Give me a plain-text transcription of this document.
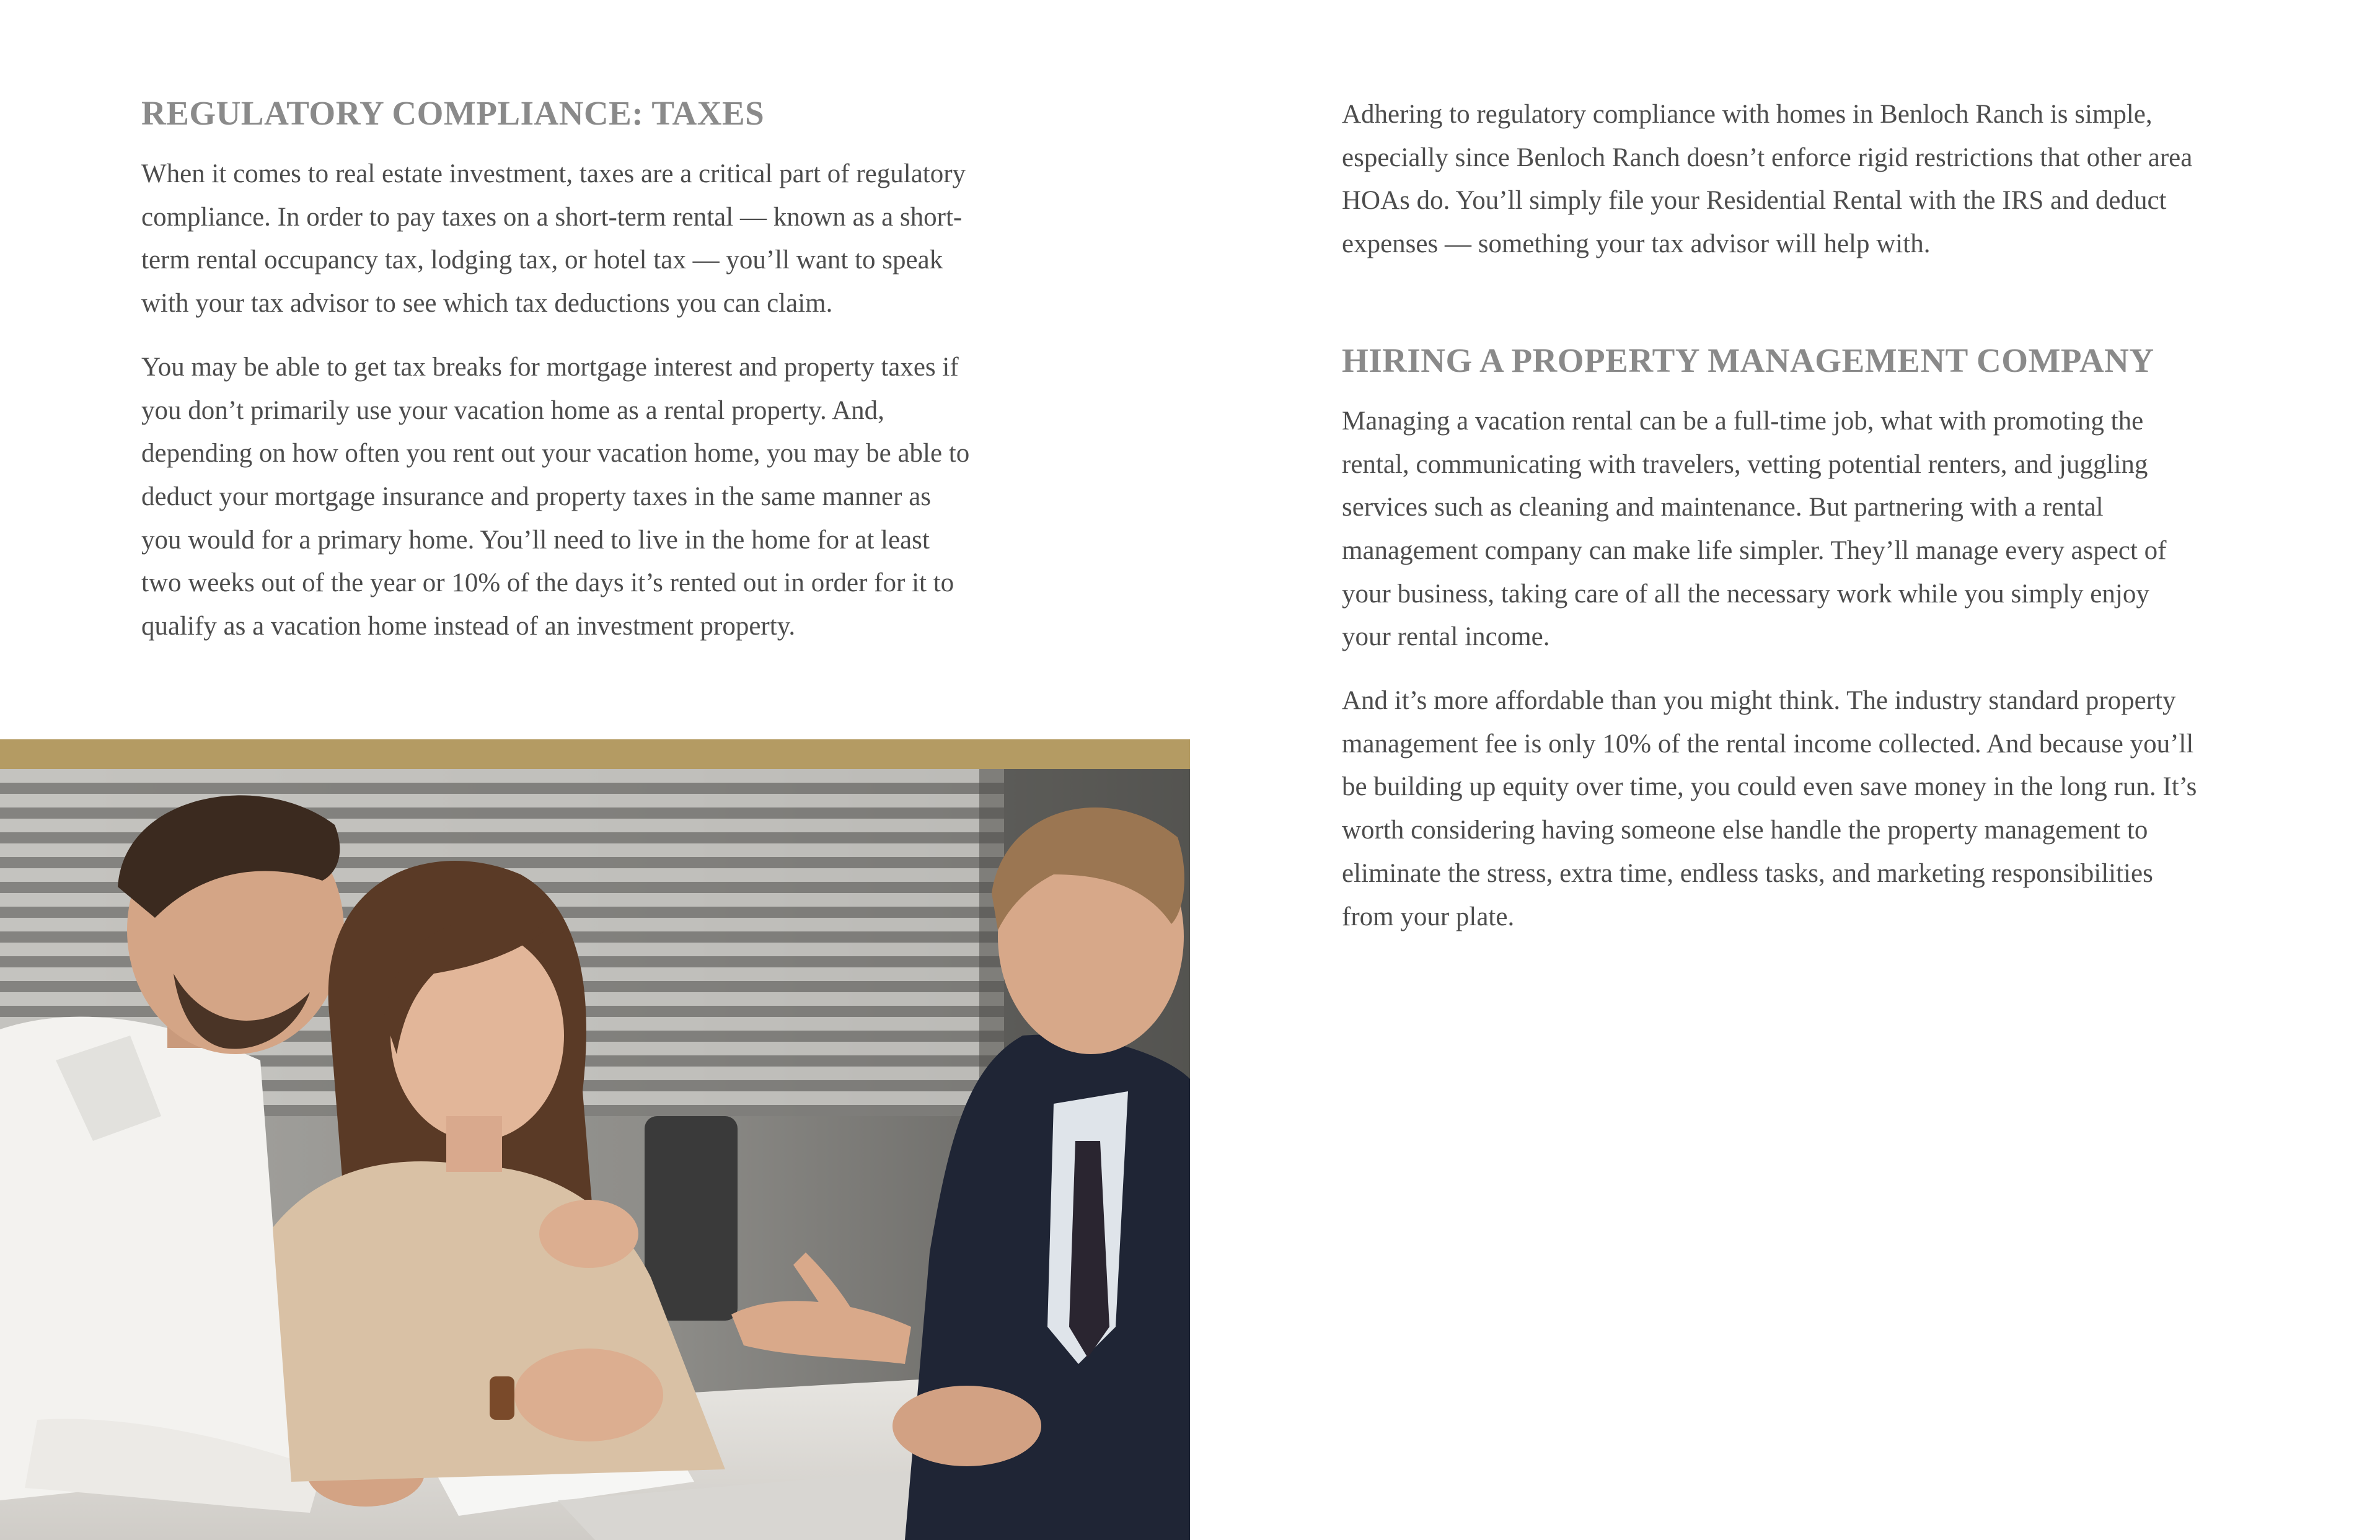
REGULATORY COMPLIANCE: TAXES

When it comes to real estate investment, taxes are a critical part of regulatory compliance. In order to pay taxes on a short-term rental — known as a short-term rental occupancy tax, lodging tax, or hotel tax — you’ll want to speak with your tax advisor to see which tax deductions you can claim.

You may be able to get tax breaks for mortgage interest and property taxes if you don’t primarily use your vacation home as a rental property. And, depending on how often you rent out your vacation home, you may be able to deduct your mortgage insurance and property taxes in the same manner as you would for a primary home. You’ll need to live in the home for at least two weeks out of the year or 10% of the days it’s rented out in order for it to qualify as a vacation home instead of an investment property.

Adhering to regulatory compliance with homes in Benloch Ranch is simple, especially since Benloch Ranch doesn’t enforce rigid restrictions that other area HOAs do. You’ll simply file your Residential Rental with the IRS and deduct expenses — something your tax advisor will help with.

HIRING A PROPERTY MANAGEMENT COMPANY

Managing a vacation rental can be a full-time job, what with promoting the rental, communicating with travelers, vetting potential renters, and juggling services such as cleaning and maintenance. But partnering with a rental management company can make life simpler. They’ll manage every aspect of your business, taking care of all the necessary work while you simply enjoy your rental income.

And it’s more affordable than you might think. The industry standard property management fee is only 10% of the rental income collected. And because you’ll be building up equity over time, you could even save money in the long run. It’s worth considering having someone else handle the property management to eliminate the stress, extra time, endless tasks, and marketing responsibilities from your plate.
